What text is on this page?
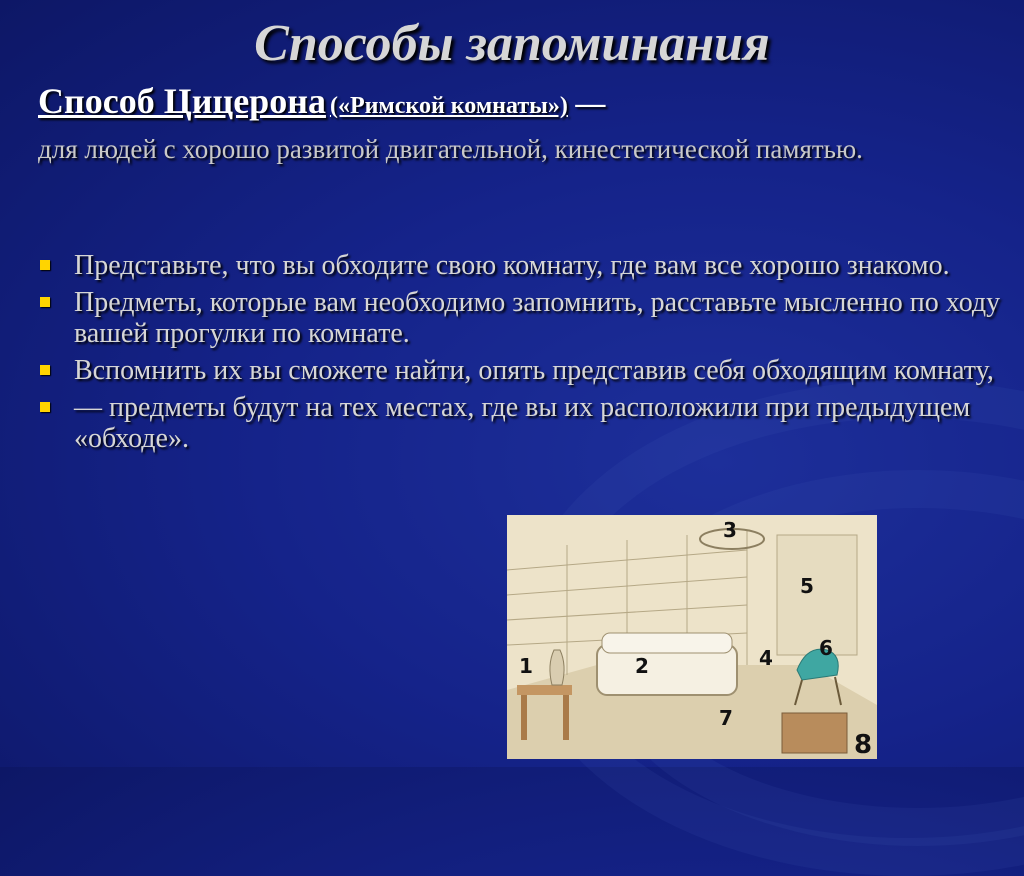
Способы запоминания
Способ Цицерона («Римской комнаты») —
для людей с хорошо развитой двигательной, кинестетической памятью.
Представьте, что вы обходите свою комнату, где вам все хорошо знакомо.
Предметы, которые вам необходимо запомнить, расставьте мысленно по ходу вашей прогулки по комнате.
Вспомнить их вы сможете найти, опять представив себя обходящим комнату,
— предметы будут на тех местах, где вы их расположили при предыдущем «обходе».
1	2
3
4
5
6
7
8
